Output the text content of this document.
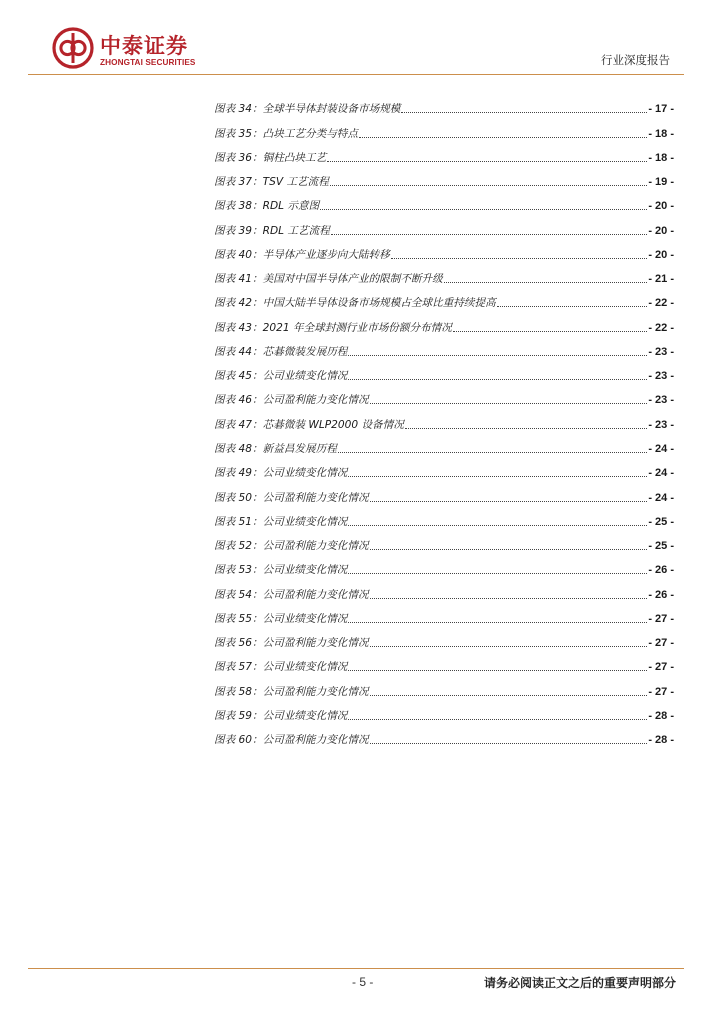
中泰证券
ZHONGTAI SECURITIES	行业深度报告
图表 34：全球半导体封装设备市场规模	- 17 -
图表 35：凸块工艺分类与特点	- 18 -
图表 36：铜柱凸块工艺	- 18 -
图表 37：TSV 工艺流程	- 19 -
图表 38：RDL 示意图	- 20 -
图表 39：RDL 工艺流程	- 20 -
图表 40：半导体产业逐步向大陆转移	- 20 -
图表 41：美国对中国半导体产业的限制不断升级	- 21 -
图表 42：中国大陆半导体设备市场规模占全球比重持续提高	- 22 -
图表 43：2021 年全球封测行业市场份额分布情况	- 22 -
图表 44：芯碁微装发展历程	- 23 -
图表 45：公司业绩变化情况	- 23 -
图表 46：公司盈利能力变化情况	- 23 -
图表 47：芯碁微装 WLP2000 设备情况	- 23 -
图表 48：新益昌发展历程	- 24 -
图表 49：公司业绩变化情况	- 24 -
图表 50：公司盈利能力变化情况	- 24 -
图表 51：公司业绩变化情况	- 25 -
图表 52：公司盈利能力变化情况	- 25 -
图表 53：公司业绩变化情况	- 26 -
图表 54：公司盈利能力变化情况	- 26 -
图表 55：公司业绩变化情况	- 27 -
图表 56：公司盈利能力变化情况	- 27 -
图表 57：公司业绩变化情况	- 27 -
图表 58：公司盈利能力变化情况	- 27 -
图表 59：公司业绩变化情况	- 28 -
图表 60：公司盈利能力变化情况	- 28 -
- 5 -	请务必阅读正文之后的重要声明部分
